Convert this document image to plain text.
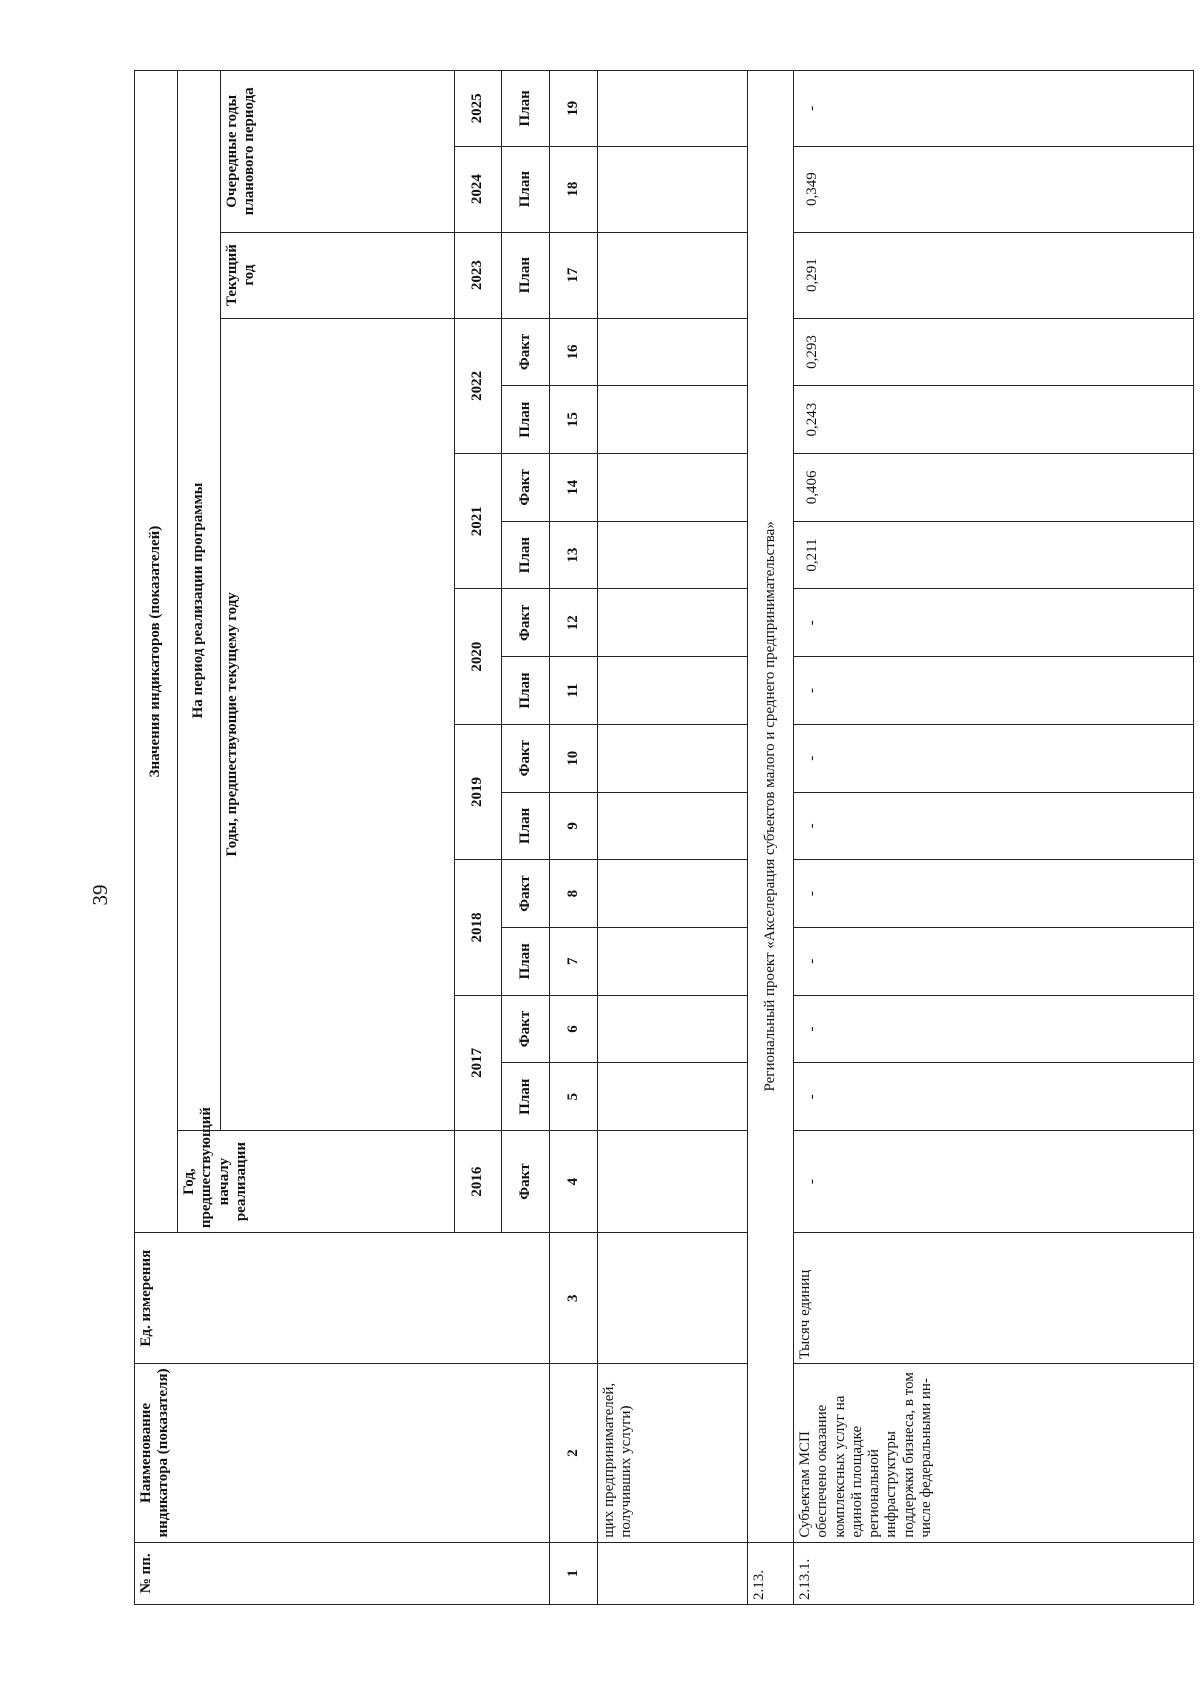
39
№ пп.	Наименование индикатора (показателя)	Ед. измерения	Значения индикаторов (показателей)															
			Год, предшествующий началу реализации	На период реализации программы														
				Годы, предшествующие текущему году												Текущий год	Очередные годы планового периода	

			2016	2017		2018		2019		2020		2021		2022		2023	2024	2025
			Факт	План	Факт	План	Факт	План	Факт	План	Факт	План	Факт	План	Факт	План	План	План
1	2	3	4	5	6	7	8	9	10	11	12	13	14	15	16	17	18	19
	щих предпринимателей, получивших услуги)																	
2.13.	Региональный проект «Акселерация субъектов малого и среднего предпринимательства»																	
2.13.1.	Субъектам МСП обеспечено оказание комплексных услуг на единой площадке региональной инфраструктуры поддержки бизнеса, в том числе федеральными ин-	Тысяч единиц	-	-	-	-	-	-	-	-	-	0,211	0,406	0,243	0,293	0,291	0,349	-
